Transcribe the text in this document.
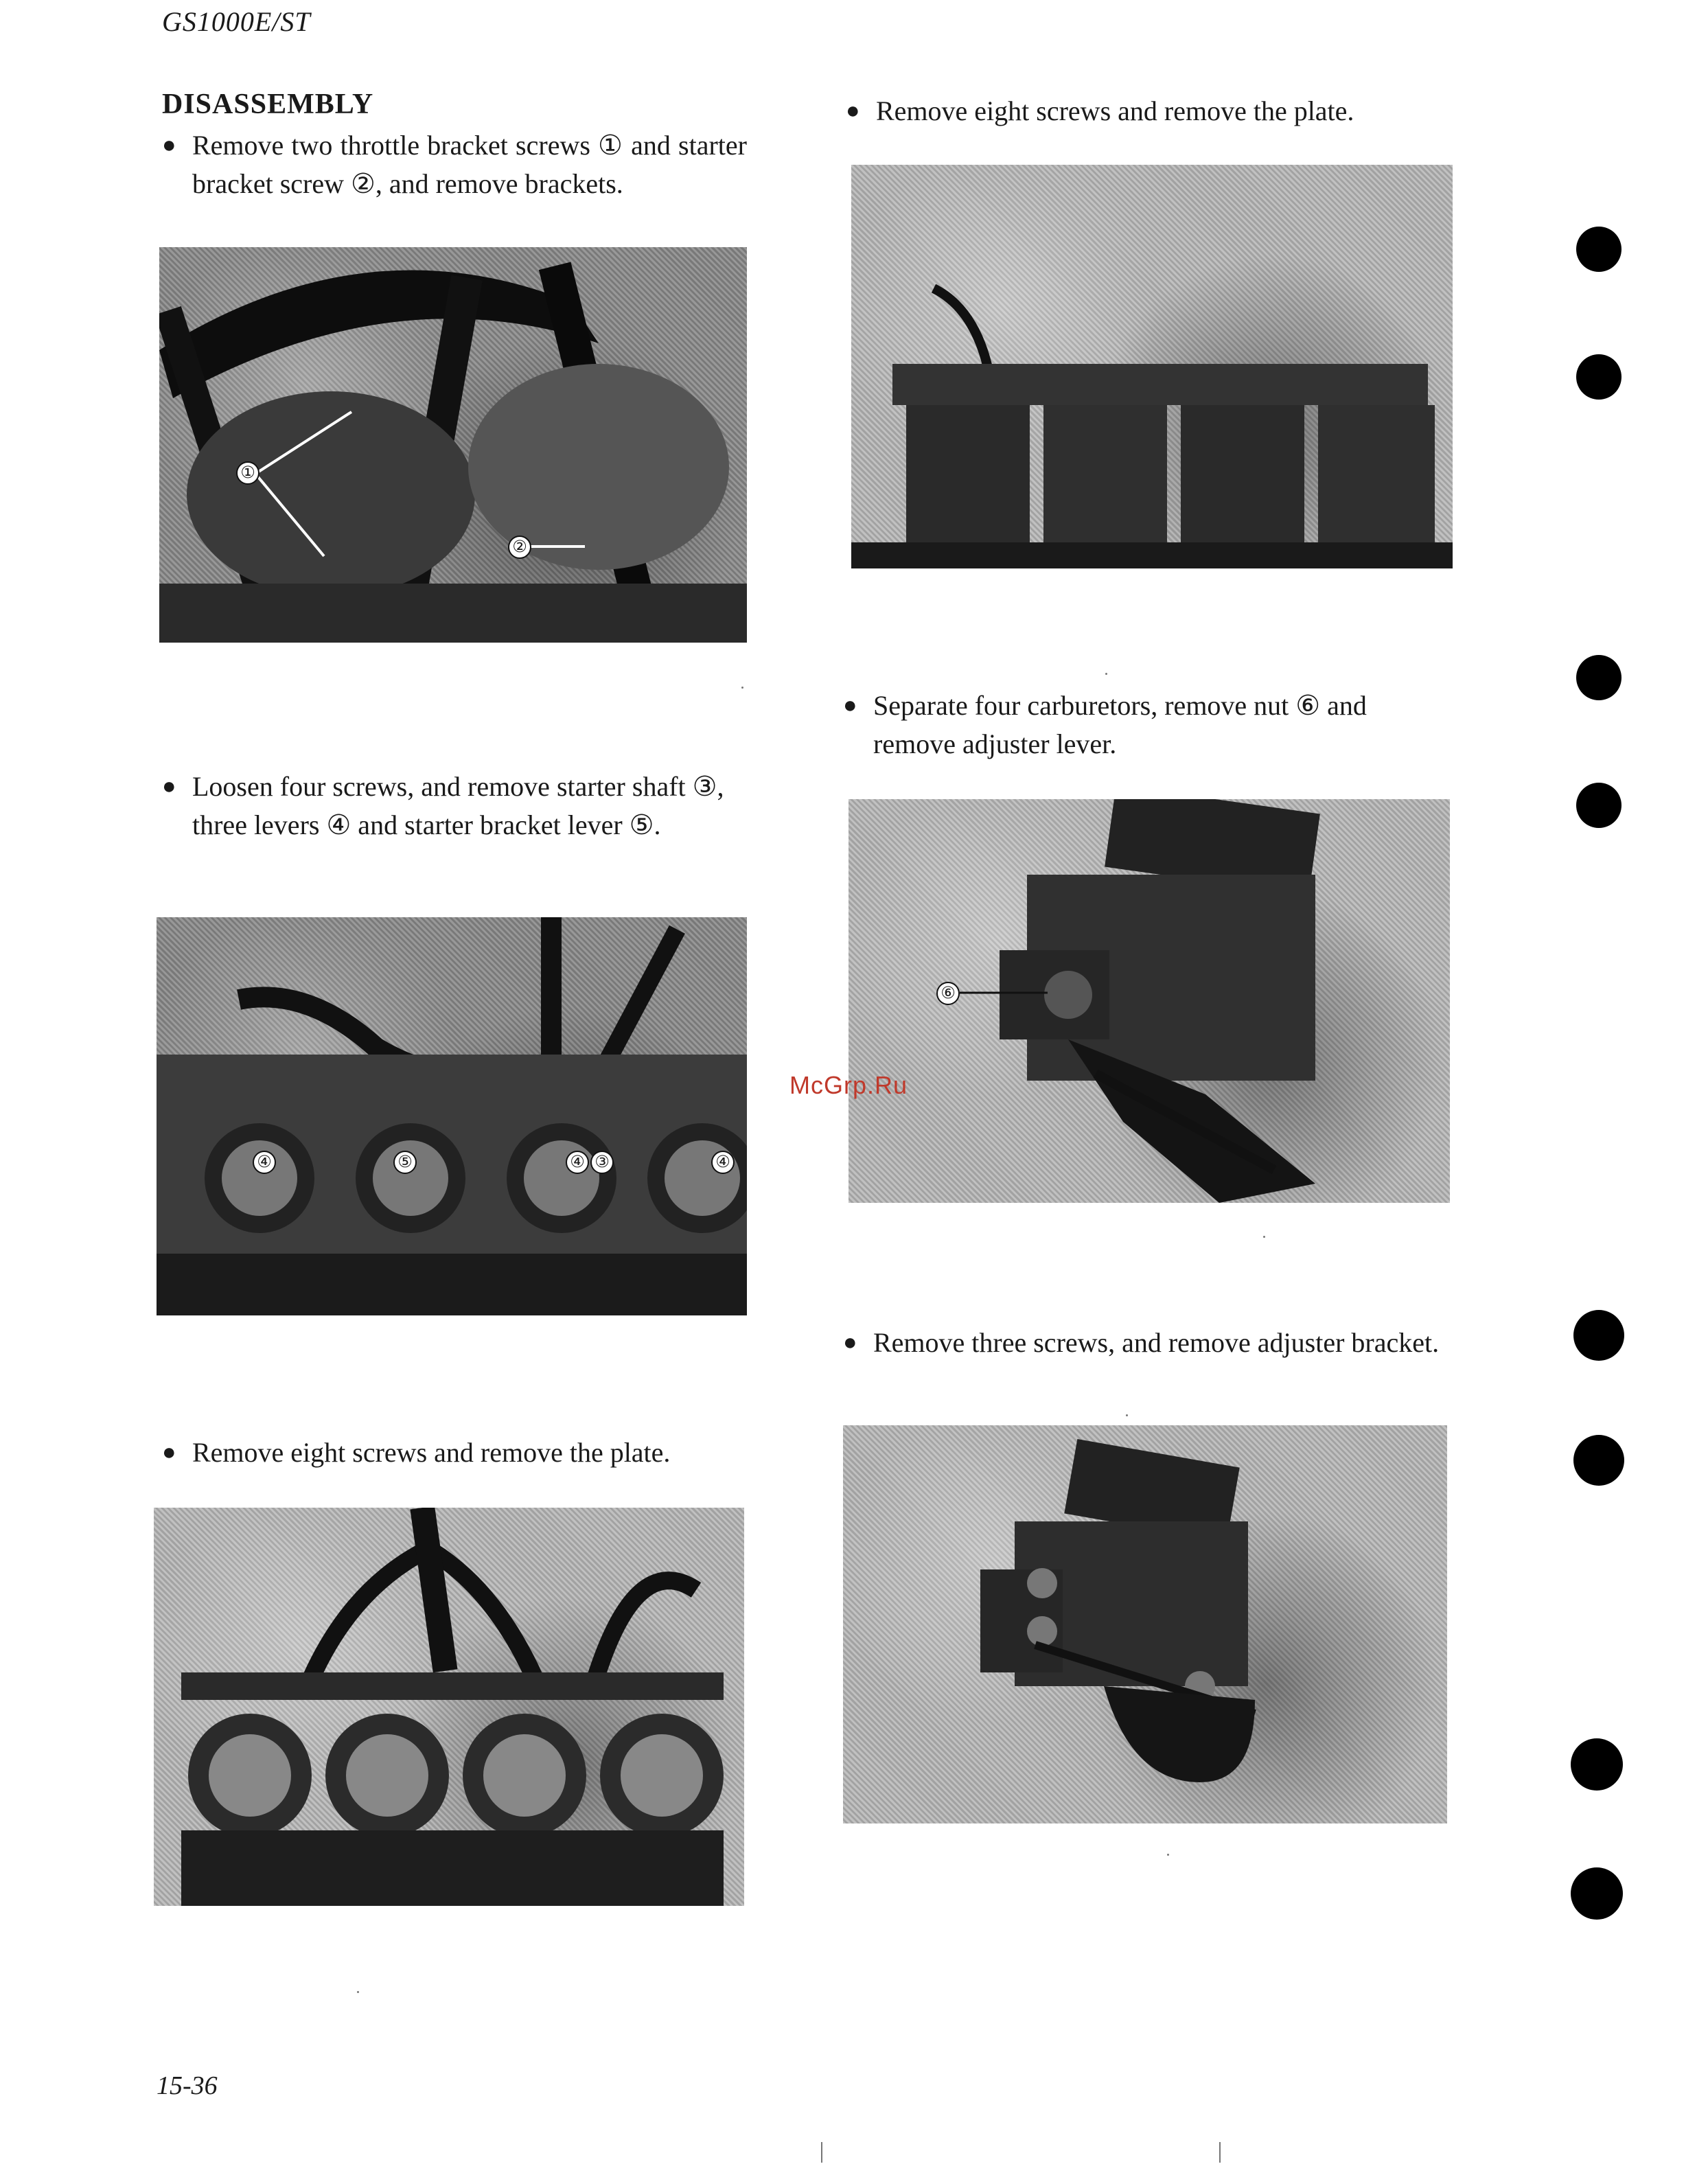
GS1000E/ST
15-36
DISASSEMBLY
● Remove two throttle bracket screws ① and starter bracket screw ②, and remove brackets.
①
②
● Loosen four screws, and remove starter shaft ③, three levers ④ and starter bracket lever ⑤.
④	⑤	④ ③	④
● Remove eight screws and remove the plate.
● Remove eight screws and remove the plate.
● Separate four carburetors, remove nut ⑥ and remove adjuster lever.
⑥
● Remove three screws, and remove adjuster bracket.
McGrp.Ru
